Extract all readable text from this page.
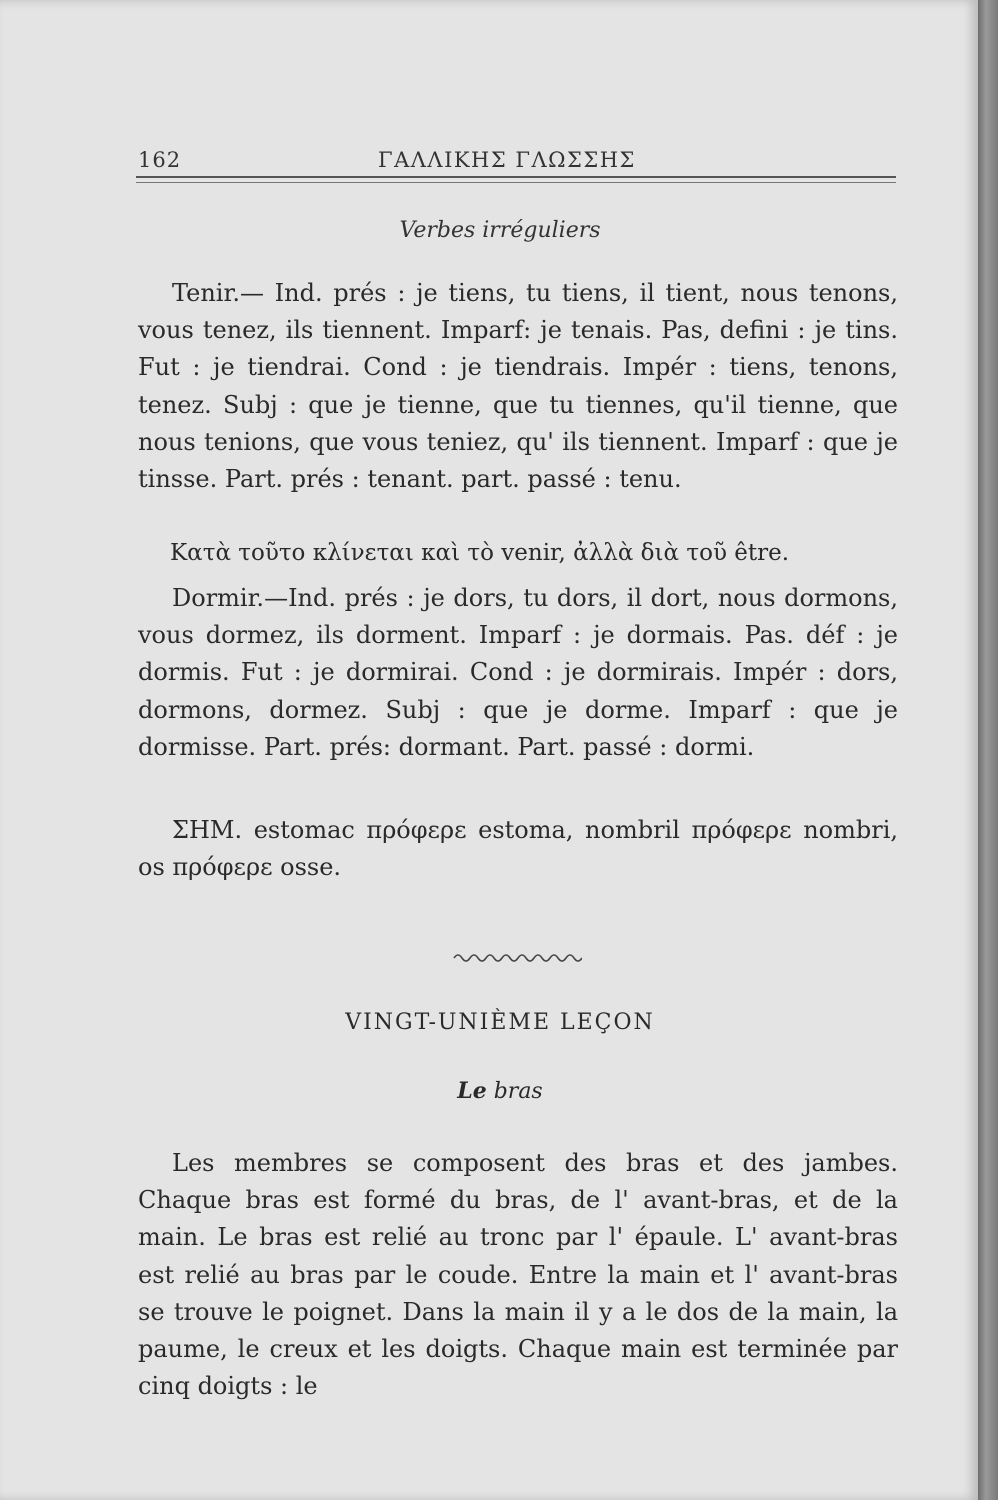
162	ΓΑΛΛΙΚΗΣ ΓΛΩΣΣΗΣ
Verbes irréguliers

Tenir.— Ind. prés : je tiens, tu tiens, il tient, nous tenons, vous tenez, ils tiennent. Imparf: je tenais. Pas, defini : je tins. Fut : je tiendrai. Cond : je tiendrais. Impér : tiens, tenons, tenez. Subj : que je tienne, que tu tiennes, qu'il tienne, que nous tenions, que vous teniez, qu' ils tiennent. Imparf : que je tinsse. Part. prés : tenant. part. passé : tenu.

Κατὰ τοῦτο κλίνεται καὶ τὸ venir, ἀλλὰ διὰ τοῦ être.

Dormir.—Ind. prés : je dors, tu dors, il dort, nous dormons, vous dormez, ils dorment. Imparf : je dormais. Pas. déf : je dormis. Fut : je dormirai. Cond : je dormirais. Impér : dors, dormons, dormez. Subj : que je dorme. Imparf : que je dormisse. Part. prés: dormant. Part. passé : dormi.

ΣΗΜ. estomac πρόφερε estoma, nombril πρόφερε nombri, os πρόφερε osse.

VINGT-UNIÈME LEÇON
Le bras

Les membres se composent des bras et des jambes. Chaque bras est formé du bras, de l' avant-bras, et de la main. Le bras est relié au tronc par l' épaule. L' avant-bras est relié au bras par le coude. Entre la main et l' avant-bras se trouve le poignet. Dans la main il y a le dos de la main, la paume, le creux et les doigts. Chaque main est terminée par cinq doigts : le
